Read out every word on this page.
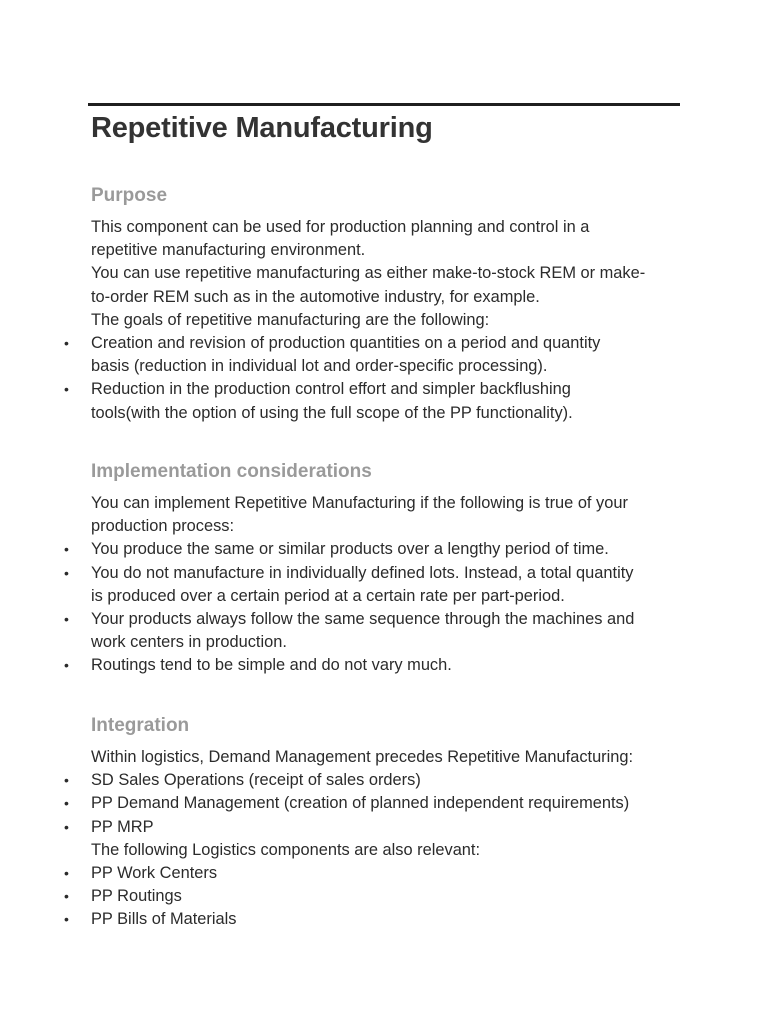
Repetitive Manufacturing
Purpose
This component can be used for production planning and control in a
repetitive manufacturing environment.
You can use repetitive manufacturing as either make-to-stock REM or make-
to-order REM such as in the automotive industry, for example.
The goals of repetitive manufacturing are the following:
• Creation and revision of production quantities on a period and quantity
basis (reduction in individual lot and order-specific processing).
• Reduction in the production control effort and simpler backflushing
tools(with the option of using the full scope of the PP functionality).
Implementation considerations
You can implement Repetitive Manufacturing if the following is true of your
production process:
• You produce the same or similar products over a lengthy period of time.
• You do not manufacture in individually defined lots. Instead, a total quantity
is produced over a certain period at a certain rate per part-period.
• Your products always follow the same sequence through the machines and
work centers in production.
• Routings tend to be simple and do not vary much.
Integration
Within logistics, Demand Management precedes Repetitive Manufacturing:
• SD Sales Operations (receipt of sales orders)
• PP Demand Management (creation of planned independent requirements)
• PP MRP
The following Logistics components are also relevant:
• PP Work Centers
• PP Routings
• PP Bills of Materials
